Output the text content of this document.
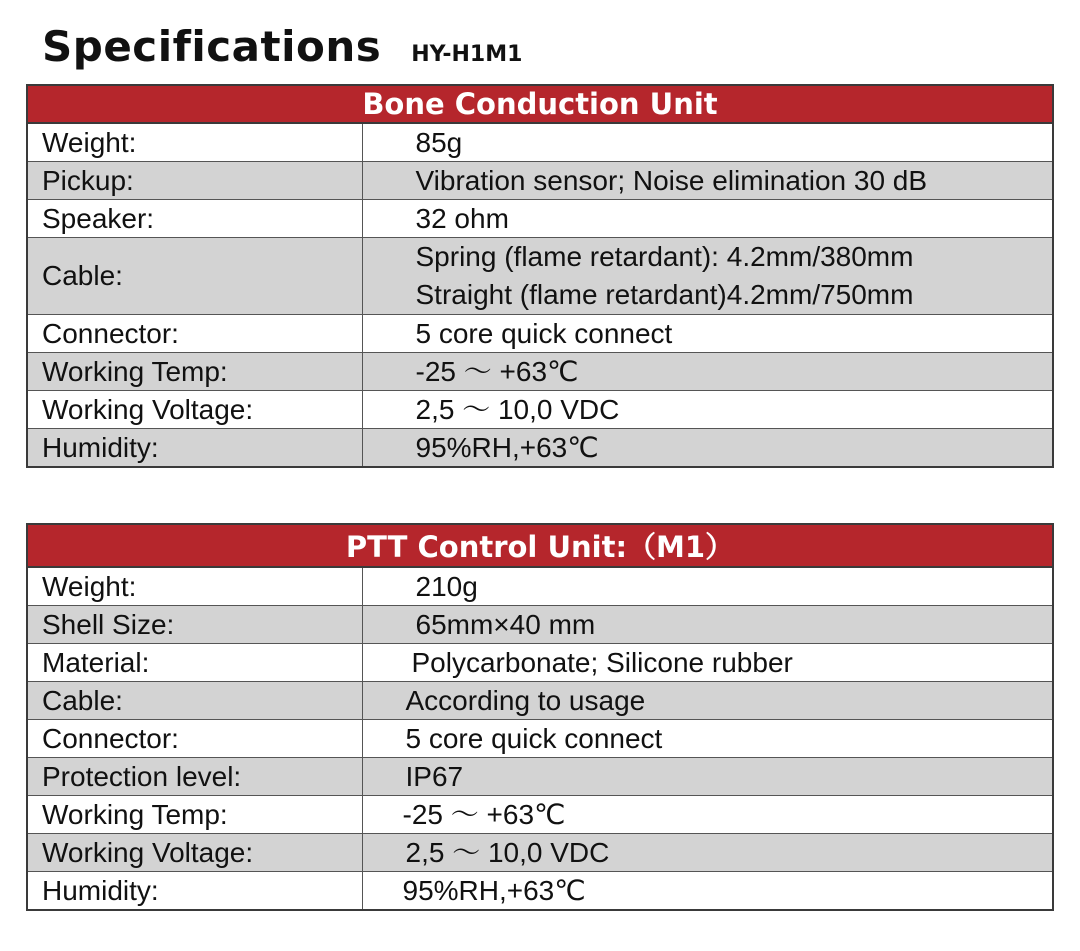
Specifications HY-H1M1
Bone Conduction Unit	
Weight:	85g
Pickup:	Vibration sensor; Noise elimination 30 dB
Speaker:	32 ohm
Cable:	Spring (flame retardant): 4.2mm/380mm
Straight (flame retardant)4.2mm/750mm

Connector:	5 core quick connect
Working Temp:	-25 ～ +63℃
Working Voltage:	2,5 ～ 10,0 VDC
Humidity:	95%RH,+63℃
PTT Control Unit:（M1）	
Weight:	210g
Shell Size:	65mm×40 mm
Material:	Polycarbonate; Silicone rubber
Cable:	According to usage
Connector:	5 core quick connect
Protection level:	IP67
Working Temp:	-25 ～ +63℃
Working Voltage:	2,5 ～ 10,0 VDC
Humidity:	95%RH,+63℃
